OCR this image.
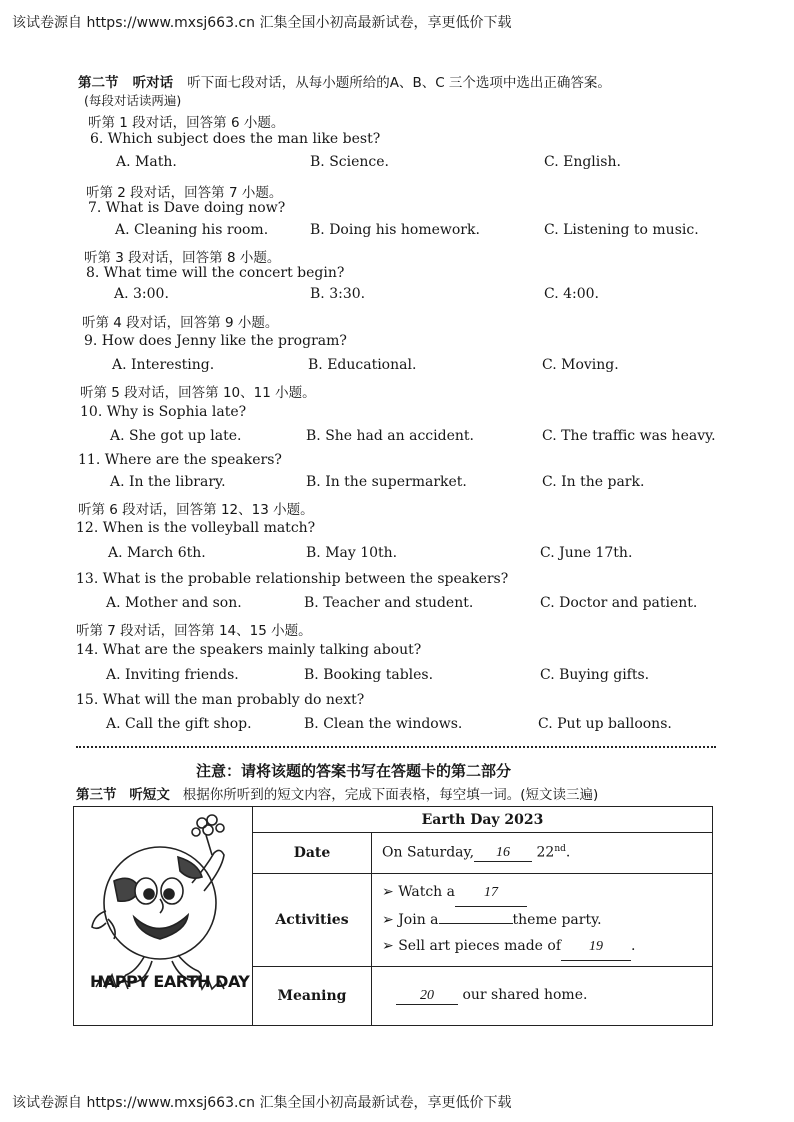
该试卷源自 https://www.mxsj663.cn 汇集全国小初高最新试卷，享更低价下载
第二节 听对话 听下面七段对话，从每小题所给的A、B、C 三个选项中选出正确答案。
(每段对话读两遍)
听第 1 段对话，回答第 6 小题。
听第 2 段对话，回答第 7 小题。
听第 3 段对话，回答第 8 小题。
听第 4 段对话，回答第 9 小题。
听第 5 段对话，回答第 10、11 小题。
听第 6 段对话，回答第 12、13 小题。
听第 7 段对话，回答第 14、15 小题。
6. Which subject does the man like best?
A. Math.	B. Science.	C. English.
7. What is Dave doing now?
A. Cleaning his room.	B. Doing his homework.	C. Listening to music.
8. What time will the concert begin?
A. 3:00.	B. 3:30.	C. 4:00.
9. How does Jenny like the program?
A. Interesting.	B. Educational.	C. Moving.
10. Why is Sophia late?
A. She got up late.	B. She had an accident.	C. The traffic was heavy.
11. Where are the speakers?
A. In the library.	B. In the supermarket.	C. In the park.
12. When is the volleyball match?
A. March 6th.	B. May 10th.	C. June 17th.
13. What is the probable relationship between the speakers?
A. Mother and son.	B. Teacher and student.	C. Doctor and patient.
14. What are the speakers mainly talking about?
A. Inviting friends.	B. Booking tables.	C. Buying gifts.
15. What will the man probably do next?
A. Call the gift shop.	B. Clean the windows.	C. Put up balloons.
注意：请将该题的答案书写在答题卡的第二部分
第三节 听短文 根据你所听到的短文内容，完成下面表格，每空填一词。(短文读三遍)
HAPPY EARTH DAY	Earth Day 2023	
	Date	On Saturday, 16 22nd.
	Activities	➢ Watch a 17
➢ Join a theme party.
➢ Sell art pieces made of 19 .

	Meaning	20 our shared home.
该试卷源自 https://www.mxsj663.cn 汇集全国小初高最新试卷，享更低价下载
